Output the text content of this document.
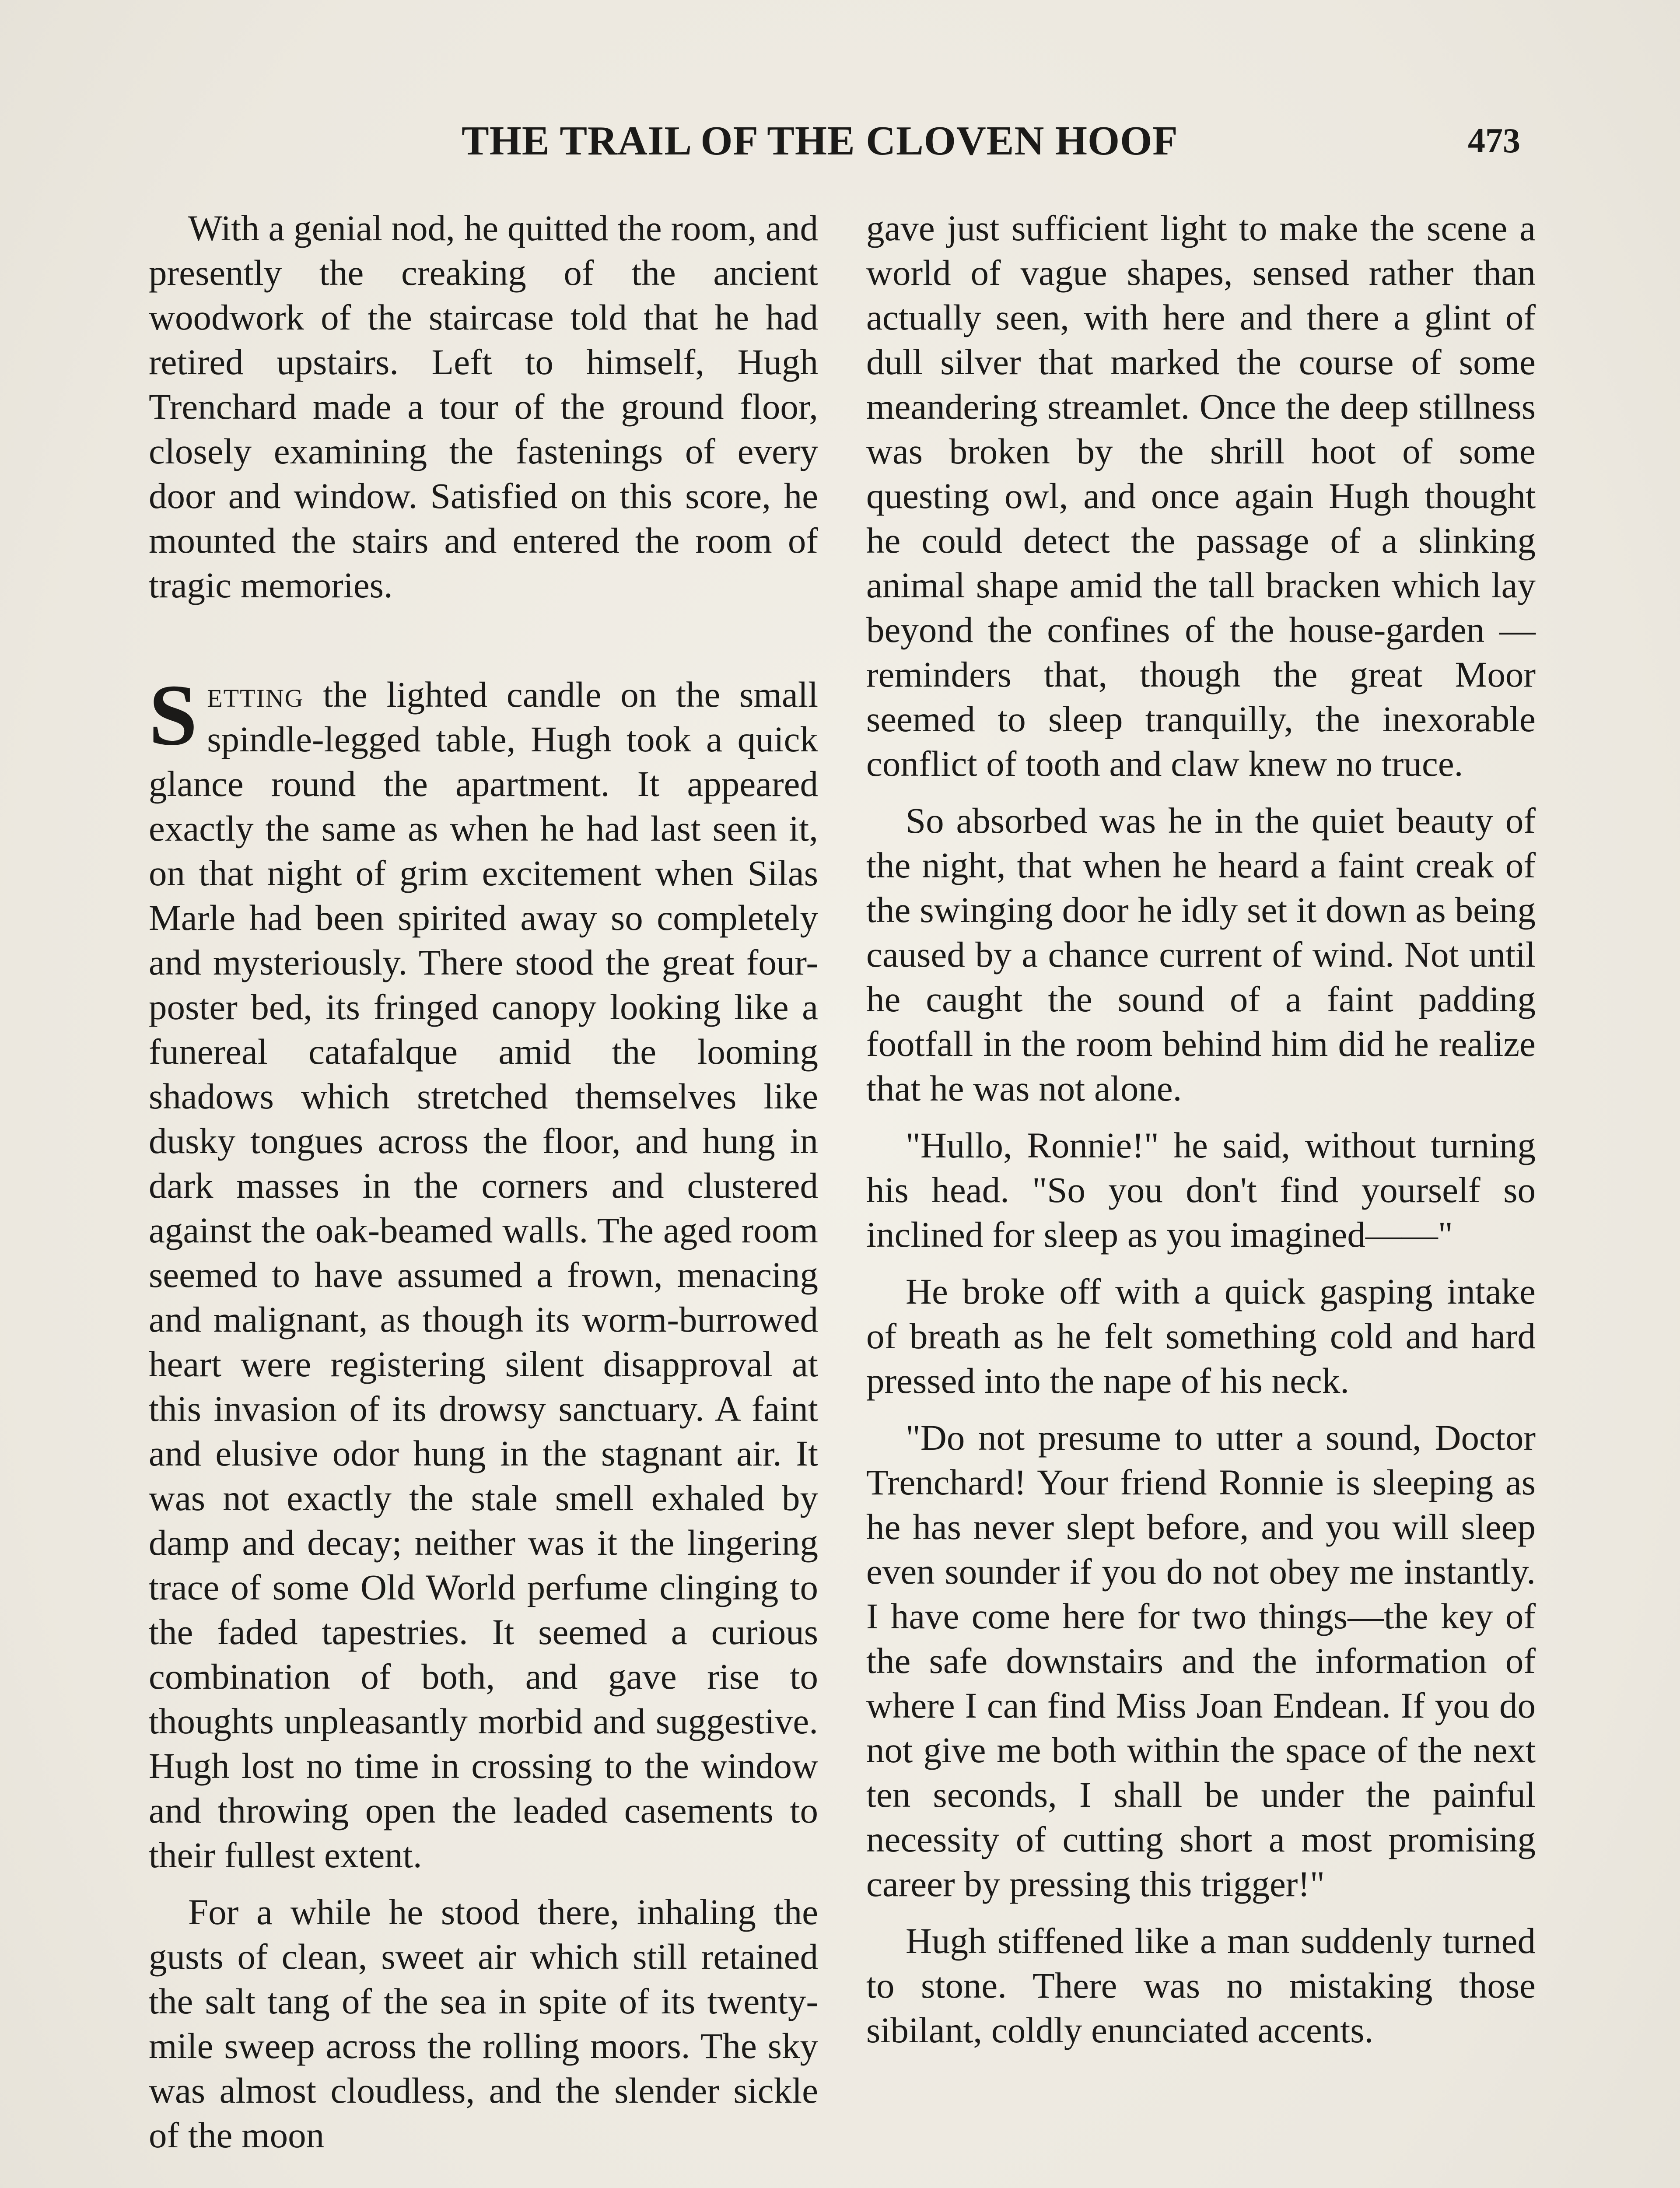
THE TRAIL OF THE CLOVEN HOOF	473

With a genial nod, he quitted the room, and presently the creaking of the ancient woodwork of the staircase told that he had retired upstairs. Left to himself, Hugh Trenchard made a tour of the ground floor, closely examining the fastenings of every door and window. Satisfied on this score, he mounted the stairs and entered the room of tragic memories.

Setting the lighted candle on the small spindle-legged table, Hugh took a quick glance round the apartment. It appeared exactly the same as when he had last seen it, on that night of grim excitement when Silas Marle had been spirited away so completely and mysteriously. There stood the great four-poster bed, its fringed canopy looking like a funereal catafalque amid the looming shadows which stretched themselves like dusky tongues across the floor, and hung in dark masses in the corners and clustered against the oak-beamed walls. The aged room seemed to have assumed a frown, menacing and malignant, as though its worm-burrowed heart were registering silent disapproval at this invasion of its drowsy sanctuary. A faint and elusive odor hung in the stagnant air. It was not exactly the stale smell exhaled by damp and decay; neither was it the lingering trace of some Old World perfume clinging to the faded tapestries. It seemed a curious combination of both, and gave rise to thoughts unpleasantly morbid and suggestive. Hugh lost no time in crossing to the window and throwing open the leaded casements to their fullest extent.

For a while he stood there, inhaling the gusts of clean, sweet air which still retained the salt tang of the sea in spite of its twenty-mile sweep across the rolling moors. The sky was almost cloudless, and the slender sickle of the moon

gave just sufficient light to make the scene a world of vague shapes, sensed rather than actually seen, with here and there a glint of dull silver that marked the course of some meandering streamlet. Once the deep stillness was broken by the shrill hoot of some questing owl, and once again Hugh thought he could detect the passage of a slinking animal shape amid the tall bracken which lay beyond the confines of the house-garden —reminders that, though the great Moor seemed to sleep tranquilly, the inexorable conflict of tooth and claw knew no truce.

So absorbed was he in the quiet beauty of the night, that when he heard a faint creak of the swinging door he idly set it down as being caused by a chance current of wind. Not until he caught the sound of a faint padding footfall in the room behind him did he realize that he was not alone.

"Hullo, Ronnie!" he said, without turning his head. "So you don't find yourself so inclined for sleep as you imagined——"

He broke off with a quick gasping intake of breath as he felt something cold and hard pressed into the nape of his neck.

"Do not presume to utter a sound, Doctor Trenchard! Your friend Ronnie is sleeping as he has never slept before, and you will sleep even sounder if you do not obey me instantly. I have come here for two things—the key of the safe downstairs and the information of where I can find Miss Joan Endean. If you do not give me both within the space of the next ten seconds, I shall be under the painful necessity of cutting short a most promising career by pressing this trigger!"

Hugh stiffened like a man suddenly turned to stone. There was no mistaking those sibilant, coldly enunciated accents.
